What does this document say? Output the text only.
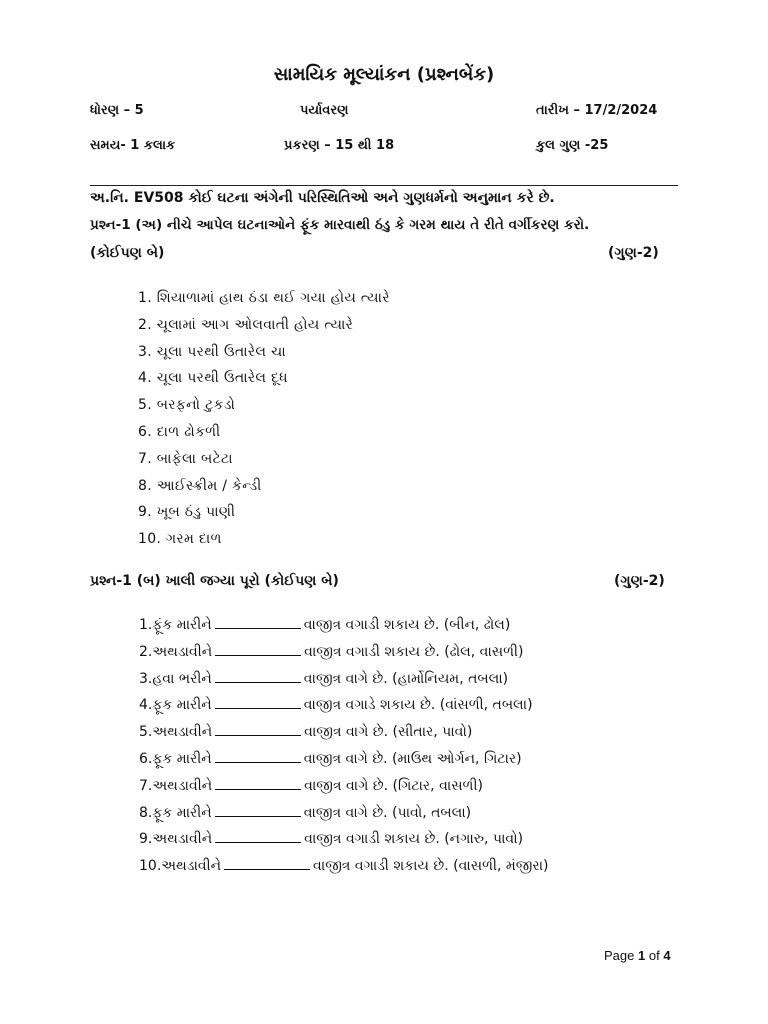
સામયિક મૂલ્યાંકન (પ્રશ્નબેંક)
ધોરણ – 5	પર્યાવરણ	તારીખ – 17/2/2024
સમય- 1 કલાક	પ્રકરણ – 15 થી 18	કુલ ગુણ -25
અ.નિ. EV508 કોઈ ઘટના અંગેની પરિસ્થિતિઓ અને ગુણધર્મનો અનુમાન કરે છે.
પ્રશ્ન-1 (અ) નીચે આપેલ ઘટનાઓને ફૂંક મારવાથી ઠંડુ કે ગરમ થાય તે રીતે વર્ગીકરણ કરો.
(કોઈપણ બે)	(ગુણ-2)
1. શિયાળામાં હાથ ઠંડા થઈ ગયા હોય ત્યારે
2. ચૂલામાં આગ ઓલવાતી હોય ત્યારે
3. ચૂલા પરથી ઉતારેલ ચા
4. ચૂલા પરથી ઉતારેલ દૂધ
5. બરફનો ટુકડો
6. દાળ ઢોકળી
7. બાફેલા બટેટા
8. આઈસ્ક્રીમ / કેન્ડી
9. ખૂબ ઠંડુ પાણી
10. ગરમ દાળ
પ્રશ્ન-1 (બ) ખાલી જગ્યા પૂરો (કોઈપણ બે)	(ગુણ-2)
1.ફૂંક મારીને	વાજીત્ર વગાડી શકાય છે. (બીન, ઢોલ)
2.અથડાવીને	વાજીત્ર વગાડી શકાય છે. (ઢોલ, વાસળી)
3.હવા ભરીને	વાજીત્ર વાગે છે. (હાર્મોનિયમ, તબલા)
4.ફૂક મારીને	વાજીત્ર વગાડે શકાય છે. (વાંસળી, તબલા)
5.અથડાવીને	વાજીત્ર વાગે છે. (સીતાર, પાવો)
6.ફૂક મારીને	વાજીત્ર વાગે છે. (માઉથ ઓર્ગન, ગિટાર)
7.અથડાવીને	વાજીત્ર વાગે છે. (ગિટાર, વાસળી)
8.ફૂક મારીને	વાજીત્ર વાગે છે. (પાવો, તબલા)
9.અથડાવીને	વાજીત્ર વગાડી શકાય છે. (નગારુ, પાવો)
10.અથડાવીને	વાજીત્ર વગાડી શકાય છે. (વાસળી, મંજીરા)
Page 1 of 4
